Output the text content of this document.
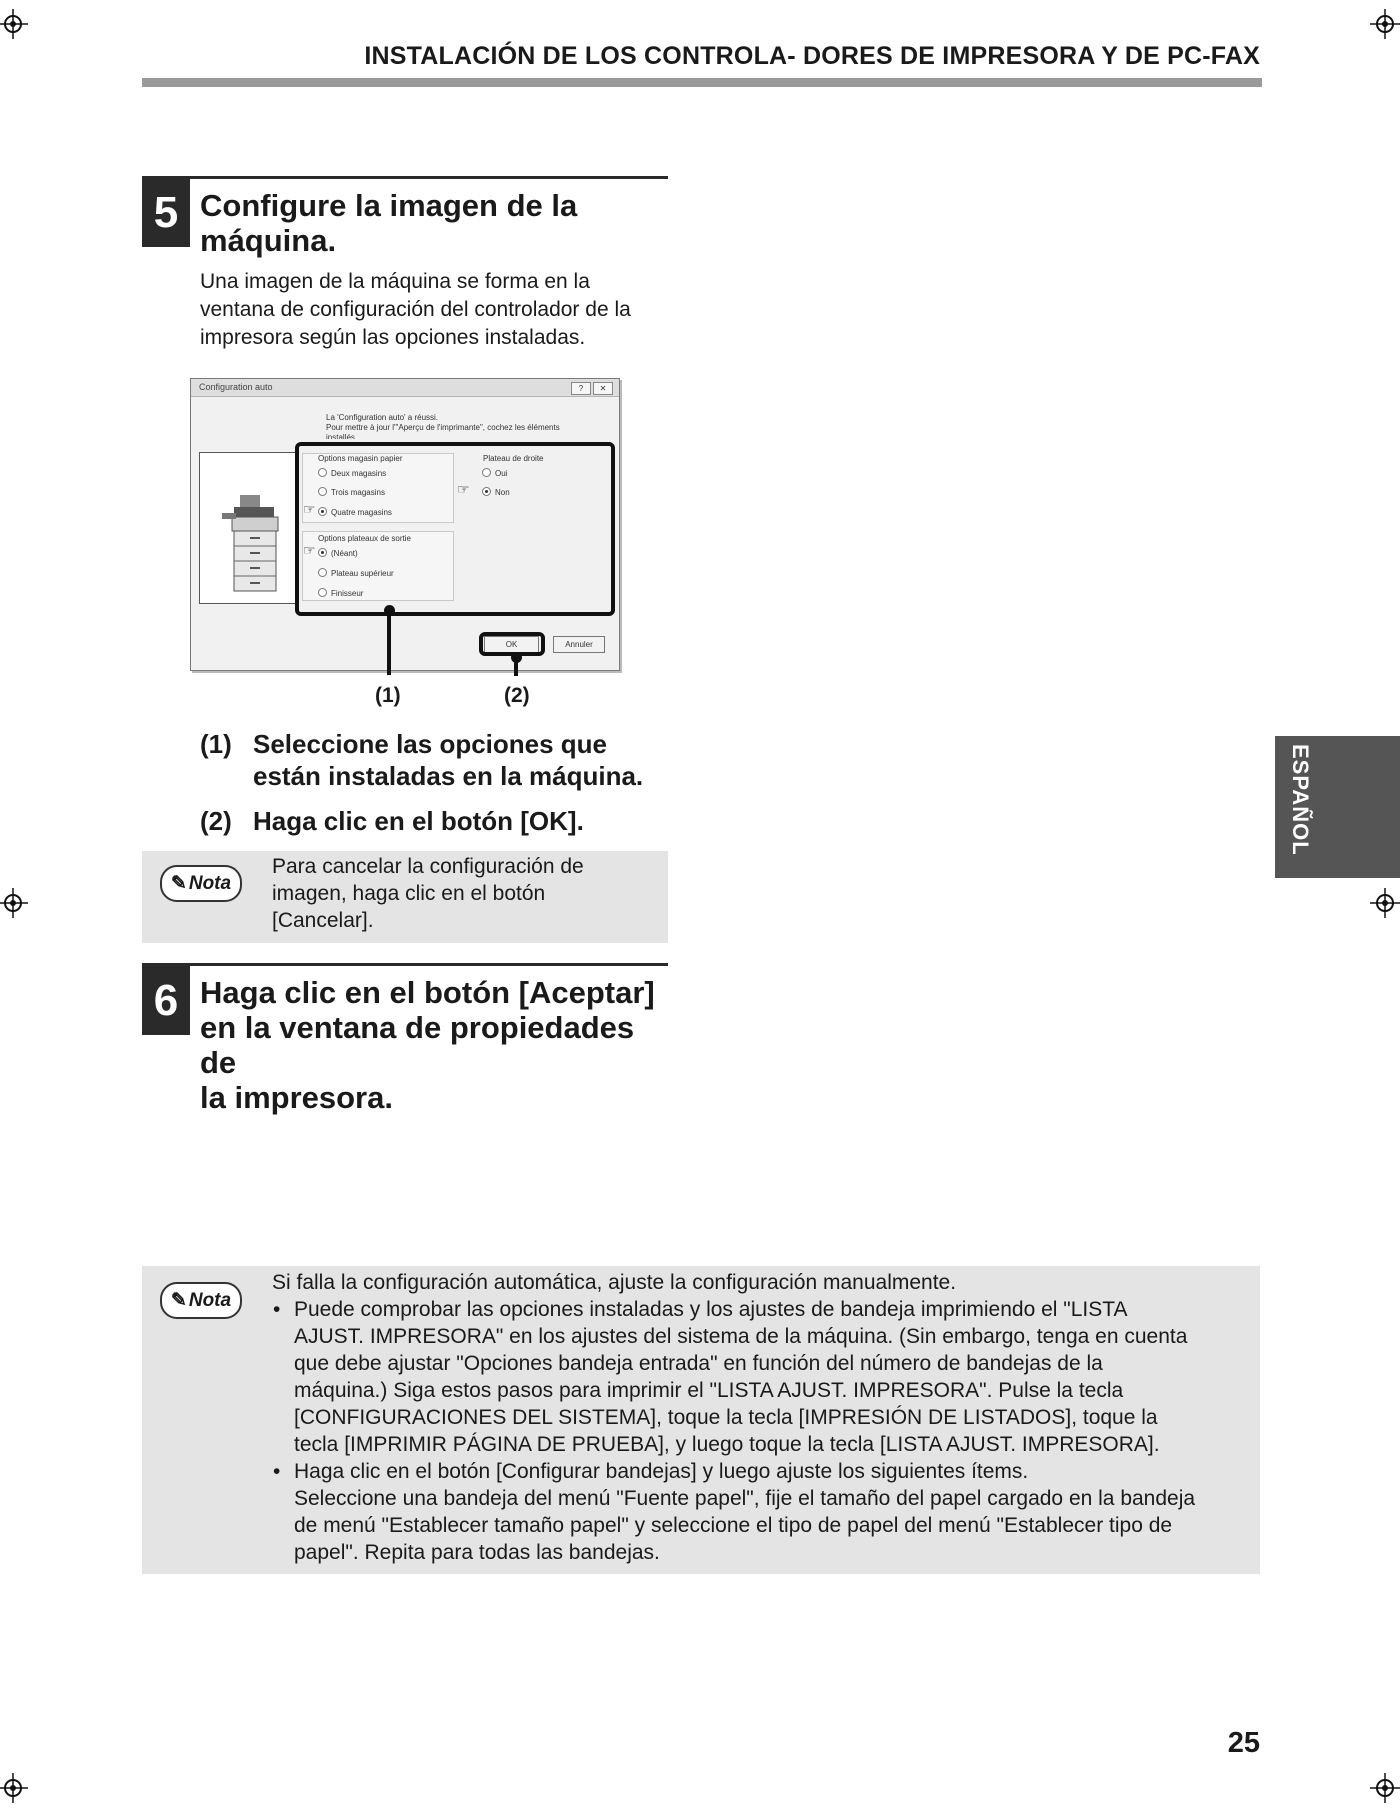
INSTALACIÓN DE LOS CONTROLA- DORES DE IMPRESORA Y DE PC-FAX
5 Configure la imagen de la
máquina.
Una imagen de la máquina se forma en la
ventana de configuración del controlador de la
impresora según las opciones instaladas.
Configuration auto	?	✕
La 'Configuration auto' a réussi.
Pour mettre à jour l'"Aperçu de l'imprimante", cochez les éléments
installés.
Options magasin papier
Deux magasins
Trois magasins
Quatre magasins
Plateau de droite
Oui
Non
Options plateaux de sortie
(Néant)
Plateau supérieur
Finisseur
☞
☞
☞
OK	Annuler
(1)	(2)
(1) Seleccione las opciones que
están instaladas en la máquina.
(2) Haga clic en el botón [OK].
✎ Nota
Para cancelar la configuración de
imagen, haga clic en el botón
[Cancelar].
6 Haga clic en el botón [Aceptar]
en la ventana de propiedades de
la impresora.
✎ Nota
Si falla la configuración automática, ajuste la configuración manualmente.
• Puede comprobar las opciones instaladas y los ajustes de bandeja imprimiendo el "LISTA
AJUST. IMPRESORA" en los ajustes del sistema de la máquina. (Sin embargo, tenga en cuenta
que debe ajustar "Opciones bandeja entrada" en función del número de bandejas de la
máquina.) Siga estos pasos para imprimir el "LISTA AJUST. IMPRESORA". Pulse la tecla
[CONFIGURACIONES DEL SISTEMA], toque la tecla [IMPRESIÓN DE LISTADOS], toque la
tecla [IMPRIMIR PÁGINA DE PRUEBA], y luego toque la tecla [LISTA AJUST. IMPRESORA].
• Haga clic en el botón [Configurar bandejas] y luego ajuste los siguientes ítems.
Seleccione una bandeja del menú "Fuente papel", fije el tamaño del papel cargado en la bandeja
de menú "Establecer tamaño papel" y seleccione el tipo de papel del menú "Establecer tipo de
papel". Repita para todas las bandejas.
ESPAÑOL
25
